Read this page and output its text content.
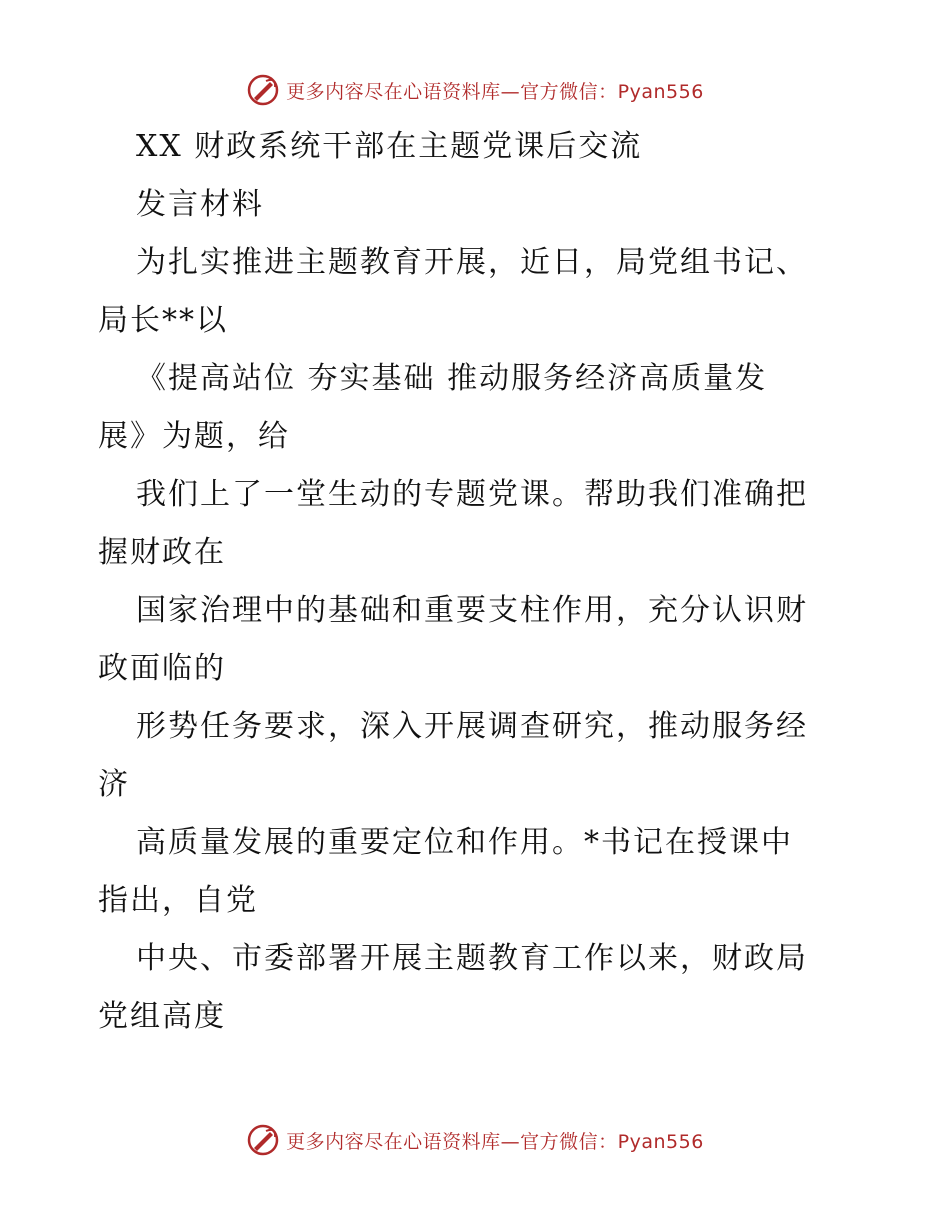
更多内容尽在心语资料库—官方微信：Pyan556
XX 财政系统干部在主题党课后交流
发言材料
为扎实推进主题教育开展，近日，局党组书记、
局长**以
《提高站位 夯实基础 推动服务经济高质量发
展》为题，给
我们上了一堂生动的专题党课。帮助我们准确把
握财政在
国家治理中的基础和重要支柱作用，充分认识财
政面临的
形势任务要求，深入开展调查研究，推动服务经
济
高质量发展的重要定位和作用。*书记在授课中
指出，自党
中央、市委部署开展主题教育工作以来，财政局
党组高度
更多内容尽在心语资料库—官方微信：Pyan556
